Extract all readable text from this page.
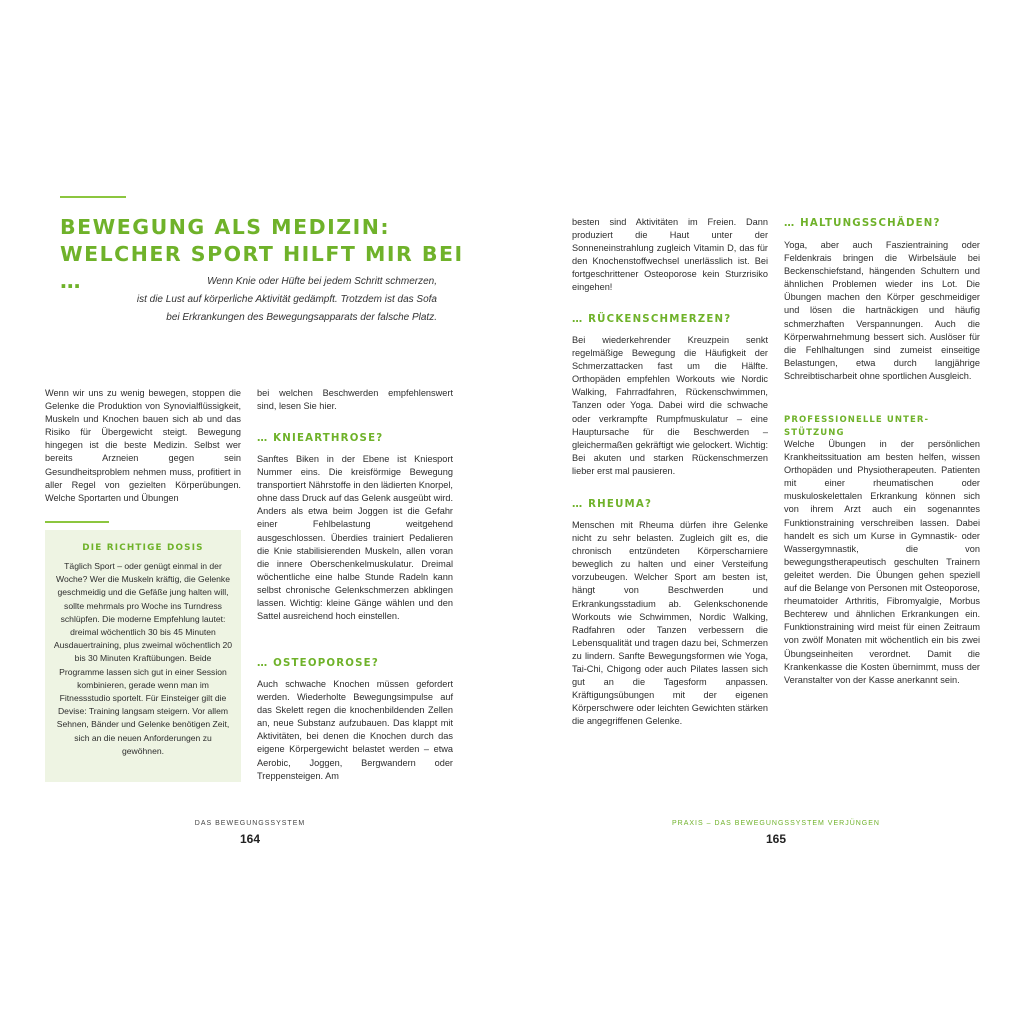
BEWEGUNG ALS MEDIZIN:
WELCHER SPORT HILFT MIR BEI …	Wenn Knie oder Hüfte bei jedem Schritt schmerzen,
ist die Lust auf körperliche Aktivität gedämpft. Trotzdem ist das Sofa
bei Erkrankungen des Bewegungsapparats der falsche Platz.

Wenn wir uns zu wenig bewegen, stoppen die Gelenke die Produktion von Synovialflüssigkeit, Muskeln und Knochen bauen sich ab und das Risiko für Übergewicht steigt. Bewegung hingegen ist die beste Medizin. Selbst wer bereits Arzneien gegen sein Gesundheitsproblem nehmen muss, profitiert in aller Regel von gezielten Körperübungen. Welche Sportarten und Übungen

DIE RICHTIGE DOSIS

Täglich Sport – oder genügt einmal in der Woche? Wer die Muskeln kräftig, die Gelenke geschmeidig und die Gefäße jung halten will, sollte mehrmals pro Woche ins Turndress schlüpfen. Die moderne Empfehlung lautet: dreimal wöchentlich 30 bis 45 Minuten Ausdauertraining, plus zweimal wöchentlich 20 bis 30 Minuten Kraftübungen. Beide Programme lassen sich gut in einer Session kombinieren, gerade wenn man im Fitnessstudio sportelt. Für Einsteiger gilt die Devise: Training langsam steigern. Vor allem Sehnen, Bänder und Gelenke benötigen Zeit, sich an die neuen Anforderungen zu gewöhnen.

bei welchen Beschwerden empfehlenswert sind, lesen Sie hier.

… KNIEARTHROSE?

Sanftes Biken in der Ebene ist Kniesport Nummer eins. Die kreisförmige Bewegung transportiert Nährstoffe in den lädierten Knorpel, ohne dass Druck auf das Gelenk ausgeübt wird. Anders als etwa beim Joggen ist die Gefahr einer Fehlbelastung weitgehend ausgeschlossen. Überdies trainiert Pedalieren die Knie stabilisierenden Muskeln, allen voran die innere Oberschenkelmuskulatur. Dreimal wöchentliche eine halbe Stunde Radeln kann selbst chronische Gelenkschmerzen abklingen lassen. Wichtig: kleine Gänge wählen und den Sattel ausreichend hoch einstellen.

… OSTEOPOROSE?

Auch schwache Knochen müssen gefordert werden. Wiederholte Bewegungsimpulse auf das Skelett regen die knochenbildenden Zellen an, neue Substanz aufzubauen. Das klappt mit Aktivitäten, bei denen die Knochen durch das eigene Körpergewicht belastet werden – etwa Aerobic, Joggen, Bergwandern oder Treppensteigen. Am

DAS BEWEGUNGSSYSTEM
164

besten sind Aktivitäten im Freien. Dann produziert die Haut unter der Sonneneinstrahlung zugleich Vitamin D, das für den Knochenstoffwechsel unerlässlich ist. Bei fortgeschrittener Osteoporose kein Sturzrisiko eingehen!

… RÜCKENSCHMERZEN?

Bei wiederkehrender Kreuzpein senkt regelmäßige Bewegung die Häufigkeit der Schmerzattacken fast um die Hälfte. Orthopäden empfehlen Workouts wie Nordic Walking, Fahrradfahren, Rückenschwimmen, Tanzen oder Yoga. Dabei wird die schwache oder verkrampfte Rumpfmuskulatur – eine Hauptursache für die Beschwerden – gleichermaßen gekräftigt wie gelockert. Wichtig: Bei akuten und starken Rückenschmerzen lieber erst mal pausieren.

… RHEUMA?

Menschen mit Rheuma dürfen ihre Gelenke nicht zu sehr belasten. Zugleich gilt es, die chronisch entzündeten Körperscharniere beweglich zu halten und einer Versteifung vorzubeugen. Welcher Sport am besten ist, hängt von Beschwerden und Erkrankungsstadium ab. Gelenkschonende Workouts wie Schwimmen, Nordic Walking, Radfahren oder Tanzen verbessern die Lebensqualität und tragen dazu bei, Schmerzen zu lindern. Sanfte Bewegungsformen wie Yoga, Tai-Chi, Chigong oder auch Pilates lassen sich gut an die Tagesform anpassen. Kräftigungsübungen mit der eigenen Körperschwere oder leichten Gewichten stärken die angegriffenen Gelenke.

… HALTUNGSSCHÄDEN?

Yoga, aber auch Faszientraining oder Feldenkrais bringen die Wirbelsäule bei Beckenschiefstand, hängenden Schultern und ähnlichen Problemen wieder ins Lot. Die Übungen machen den Körper geschmeidiger und lösen die hartnäckigen und häufig schmerzhaften Verspannungen. Auch die Körperwahrnehmung bessert sich. Auslöser für die Fehlhaltungen sind zumeist einseitige Belastungen, etwa durch langjährige Schreibtischarbeit ohne sportlichen Ausgleich.

PROFESSIONELLE UNTER-
STÜTZUNG

Welche Übungen in der persönlichen Krankheitssituation am besten helfen, wissen Orthopäden und Physiotherapeuten. Patienten mit einer rheumatischen oder muskuloskelettalen Erkrankung können sich von ihrem Arzt auch ein sogenanntes Funktionstraining verschreiben lassen. Dabei handelt es sich um Kurse in Gymnastik- oder Wassergymnastik, die von bewegungstherapeutisch geschulten Trainern geleitet werden. Die Übungen gehen speziell auf die Belange von Personen mit Osteoporose, rheumatoider Arthritis, Fibromyalgie, Morbus Bechterew und ähnlichen Erkrankungen ein. Funktionstraining wird meist für einen Zeitraum von zwölf Monaten mit wöchentlich ein bis zwei Übungseinheiten verordnet. Damit die Krankenkasse die Kosten übernimmt, muss der Veranstalter von der Kasse anerkannt sein.

PRAXIS – DAS BEWEGUNGSSYSTEM VERJÜNGEN
165
